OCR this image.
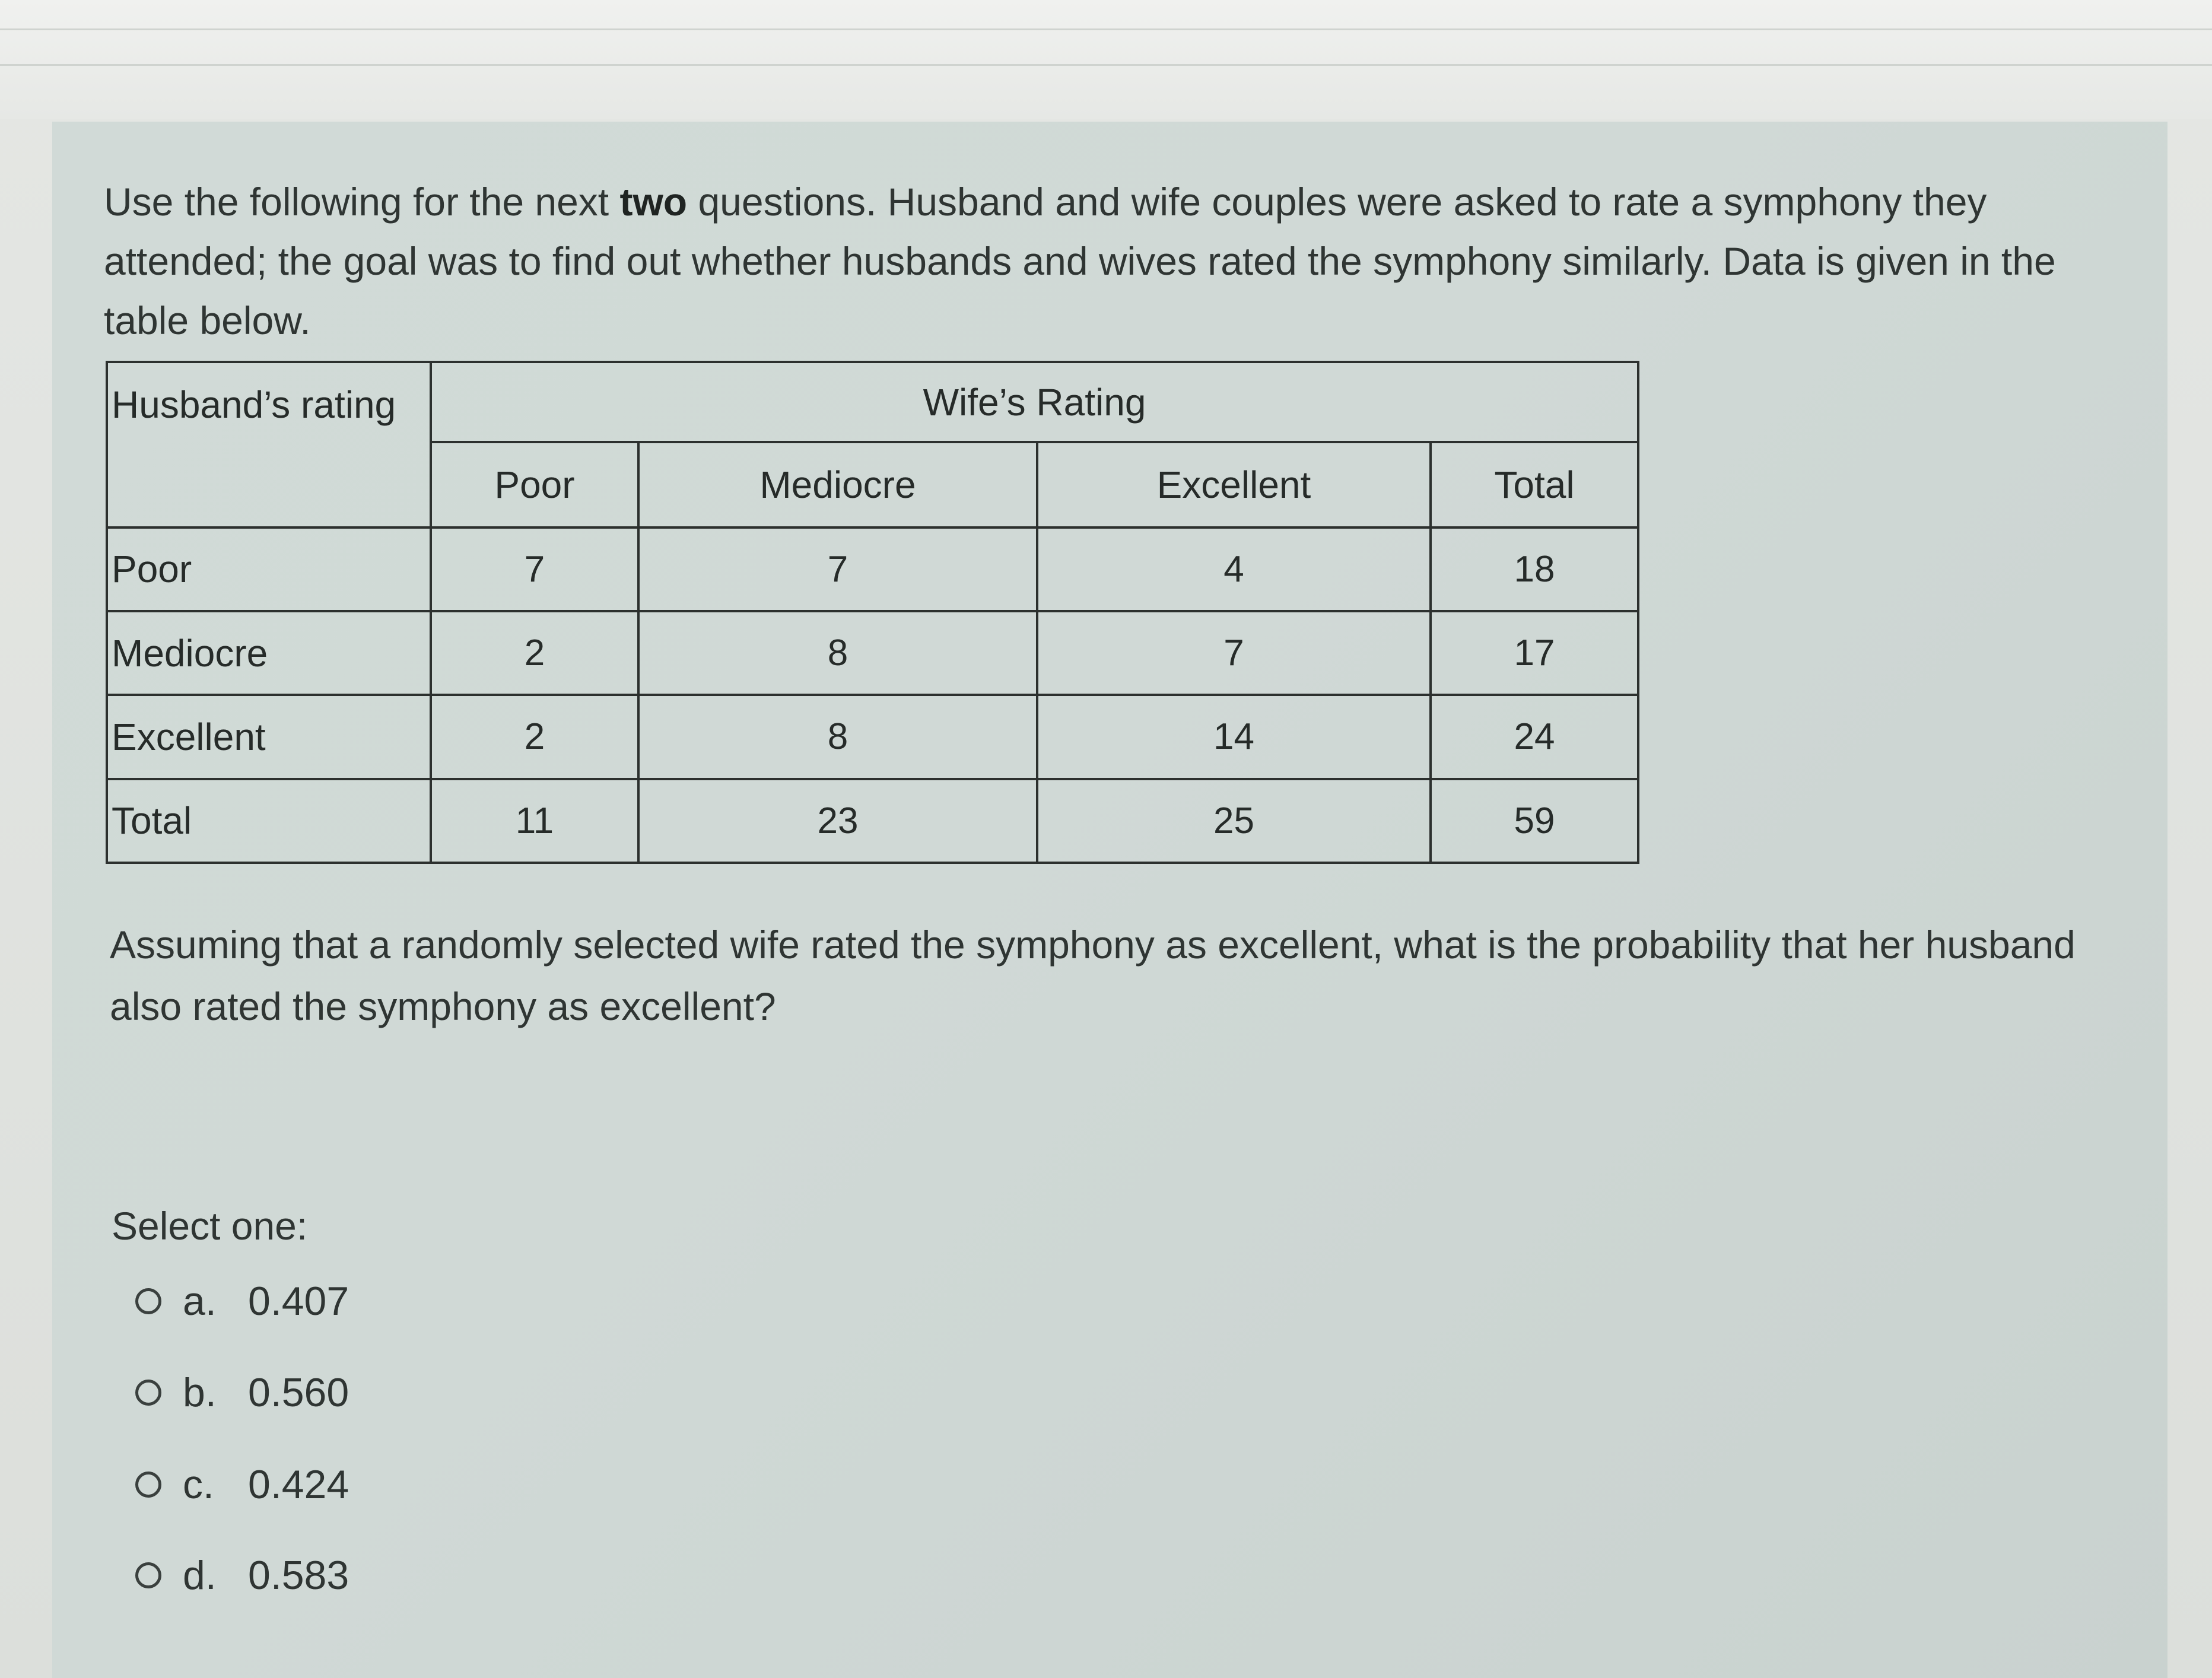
Use the following for the next two questions. Husband and wife couples were asked to rate a symphony they attended; the goal was to find out whether husbands and wives rated the symphony similarly. Data is given in the table below.

Husband’s rating	Wife’s Rating			
	Poor	Mediocre	Excellent	Total
Poor	7	7	4	18
Mediocre	2	8	7	17
Excellent	2	8	14	24
Total	11	23	25	59

Assuming that a randomly selected wife rated the symphony as excellent, what is the probability that her husband also rated the symphony as excellent?

Select one:

a. 0.407
b. 0.560
c. 0.424
d. 0.583
